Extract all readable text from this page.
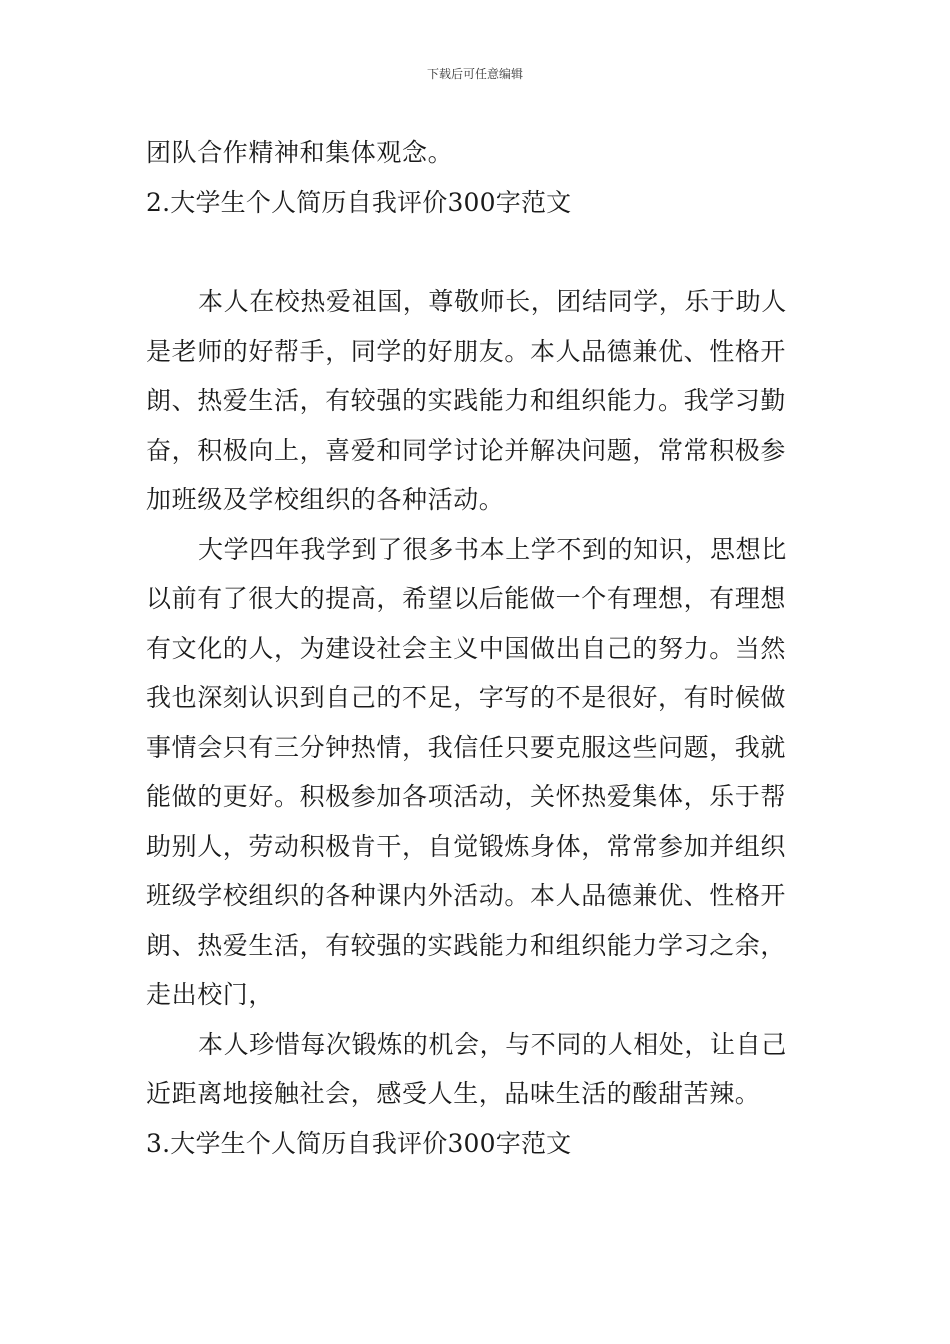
下载后可任意编辑
团队合作精神和集体观念。
2.大学生个人简历自我评价300字范文
本人在校热爱祖国，尊敬师长，团结同学，乐于助人
是老师的好帮手，同学的好朋友。本人品德兼优、性格开
朗、热爱生活，有较强的实践能力和组织能力。我学习勤
奋，积极向上，喜爱和同学讨论并解决问题，常常积极参
加班级及学校组织的各种活动。
大学四年我学到了很多书本上学不到的知识，思想比
以前有了很大的提高，希望以后能做一个有理想，有理想
有文化的人，为建设社会主义中国做出自己的努力。当然
我也深刻认识到自己的不足，字写的不是很好，有时候做
事情会只有三分钟热情，我信任只要克服这些问题，我就
能做的更好。积极参加各项活动，关怀热爱集体，乐于帮
助别人，劳动积极肯干，自觉锻炼身体，常常参加并组织
班级学校组织的各种课内外活动。本人品德兼优、性格开
朗、热爱生活，有较强的实践能力和组织能力学习之余，
走出校门，
本人珍惜每次锻炼的机会，与不同的人相处，让自己
近距离地接触社会，感受人生，品味生活的酸甜苦辣。
3.大学生个人简历自我评价300字范文
